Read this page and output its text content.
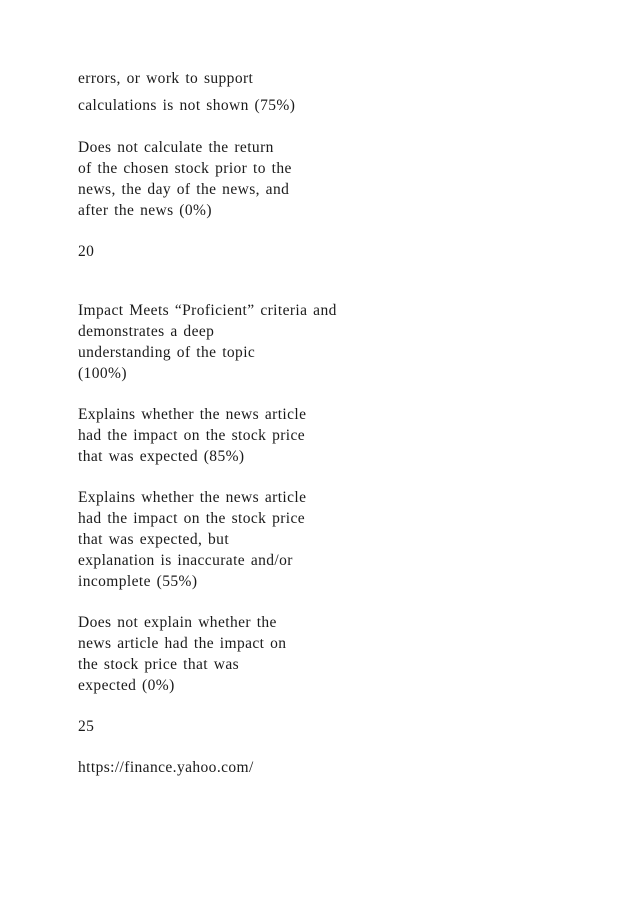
errors, or work to support
calculations is not shown (75%)
Does not calculate the return
of the chosen stock prior to the
news, the day of the news, and
after the news (0%)
20
Impact Meets “Proficient” criteria and
demonstrates a deep
understanding of the topic
(100%)
Explains whether the news article
had the impact on the stock price
that was expected (85%)
Explains whether the news article
had the impact on the stock price
that was expected, but
explanation is inaccurate and/or
incomplete (55%)
Does not explain whether the
news article had the impact on
the stock price that was
expected (0%)
25
https://finance.yahoo.com/
